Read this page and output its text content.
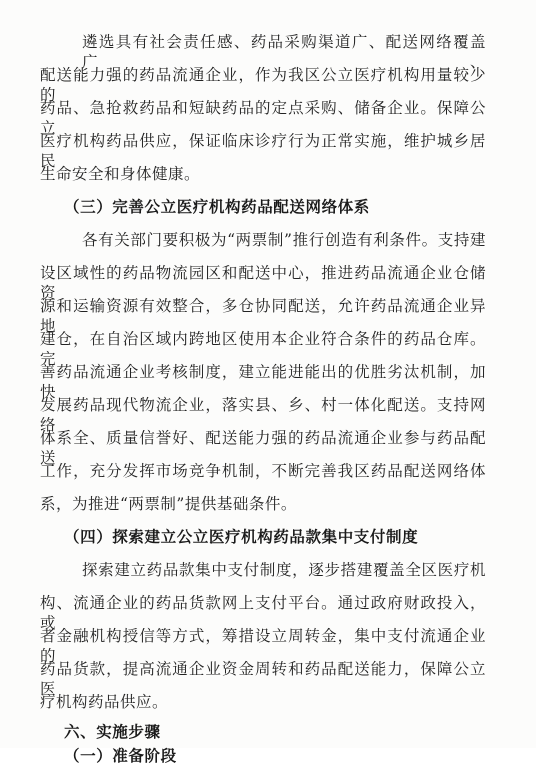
遴选具有社会责任感、药品采购渠道广、配送网络覆盖广、
配送能力强的药品流通企业，作为我区公立医疗机构用量较少的
药品、急抢救药品和短缺药品的定点采购、储备企业。保障公立
医疗机构药品供应，保证临床诊疗行为正常实施，维护城乡居民
生命安全和身体健康。
（三）完善公立医疗机构药品配送网络体系
各有关部门要积极为“两票制”推行创造有利条件。支持建
设区域性的药品物流园区和配送中心，推进药品流通企业仓储资
源和运输资源有效整合，多仓协同配送，允许药品流通企业异地
建仓，在自治区域内跨地区使用本企业符合条件的药品仓库。完
善药品流通企业考核制度，建立能进能出的优胜劣汰机制，加快
发展药品现代物流企业，落实县、乡、村一体化配送。支持网络
体系全、质量信誉好、配送能力强的药品流通企业参与药品配送
工作，充分发挥市场竞争机制，不断完善我区药品配送网络体
系，为推进“两票制”提供基础条件。
（四）探索建立公立医疗机构药品款集中支付制度
探索建立药品款集中支付制度，逐步搭建覆盖全区医疗机
构、流通企业的药品货款网上支付平台。通过政府财政投入，或
者金融机构授信等方式，筹措设立周转金，集中支付流通企业的
药品货款，提高流通企业资金周转和药品配送能力，保障公立医
疗机构药品供应。
六、实施步骤
（一）准备阶段
